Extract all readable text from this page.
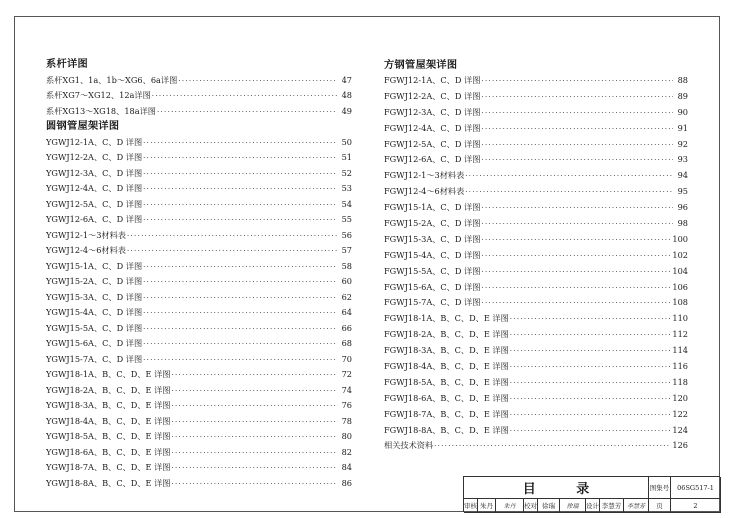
系杆详图
系杆XG1、1a、1b～XG6、6a详图 ·····	47
系杆XG7～XG12、12a详图 ·····	48
系杆XG13～XG18、18a详图 ·····	49
圆钢管屋架详图
YGWJ12-1A、C、D 详图 ·····	50
YGWJ12-2A、C、D 详图 ·····	51
YGWJ12-3A、C、D 详图 ·····	52
YGWJ12-4A、C、D 详图 ·····	53
YGWJ12-5A、C、D 详图 ·····	54
YGWJ12-6A、C、D 详图 ·····	55
YGWJ12-1～3材料表 ·····	56
YGWJ12-4～6材料表 ·····	57
YGWJ15-1A、C、D 详图 ·····	58
YGWJ15-2A、C、D 详图 ·····	60
YGWJ15-3A、C、D 详图 ·····	62
YGWJ15-4A、C、D 详图 ·····	64
YGWJ15-5A、C、D 详图 ·····	66
YGWJ15-6A、C、D 详图 ·····	68
YGWJ15-7A、C、D 详图 ·····	70
YGWJ18-1A、B、C、D、E 详图 ·····	72
YGWJ18-2A、B、C、D、E 详图 ·····	74
YGWJ18-3A、B、C、D、E 详图 ·····	76
YGWJ18-4A、B、C、D、E 详图 ·····	78
YGWJ18-5A、B、C、D、E 详图 ·····	80
YGWJ18-6A、B、C、D、E 详图 ·····	82
YGWJ18-7A、B、C、D、E 详图 ·····	84
YGWJ18-8A、B、C、D、E 详图 ·····	86
方钢管屋架详图
FGWJ12-1A、C、D 详图 ·····	88
FGWJ12-2A、C、D 详图 ·····	89
FGWJ12-3A、C、D 详图 ·····	90
FGWJ12-4A、C、D 详图 ·····	91
FGWJ12-5A、C、D 详图 ·····	92
FGWJ12-6A、C、D 详图 ·····	93
FGWJ12-1～3材料表 ·····	94
FGWJ12-4～6材料表 ·····	95
FGWJ15-1A、C、D 详图 ·····	96
FGWJ15-2A、C、D 详图 ·····	98
FGWJ15-3A、C、D 详图 ·····	100
FGWJ15-4A、C、D 详图 ·····	102
FGWJ15-5A、C、D 详图 ·····	104
FGWJ15-6A、C、D 详图 ·····	106
FGWJ15-7A、C、D 详图 ·····	108
FGWJ18-1A、B、C、D、E 详图 ·····	110
FGWJ18-2A、B、C、D、E 详图 ·····	112
FGWJ18-3A、B、C、D、E 详图 ·····	114
FGWJ18-4A、B、C、D、E 详图 ·····	116
FGWJ18-5A、B、C、D、E 详图 ·····	118
FGWJ18-6A、B、C、D、E 详图 ·····	120
FGWJ18-7A、B、C、D、E 详图 ·····	122
FGWJ18-8A、B、C、D、E 详图 ·····	124
相关技术资料 ·····	126
目 录	图集号	06SG517-1
审核 朱丹	朱丹	校对 徐瑞	徐瑞	设计 李慧芳 李慧芳	页	2
